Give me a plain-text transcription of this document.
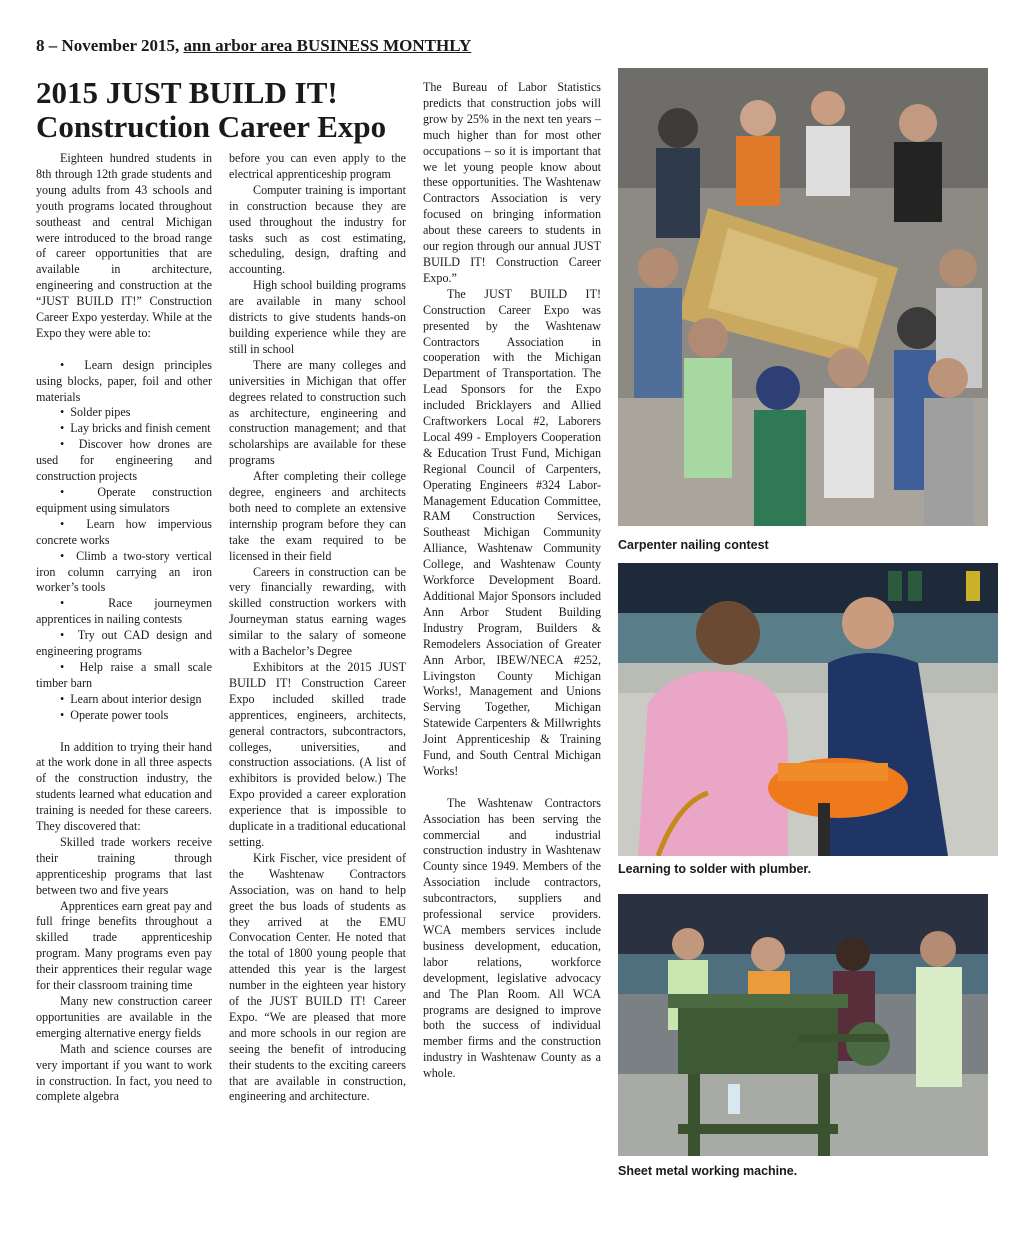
8 – November 2015, ann arbor area BUSINESS MONTHLY
2015 JUST BUILD IT!
Construction Career Expo

Eighteen hundred students in 8th through 12th grade students and young adults from 43 schools and youth programs located throughout southeast and central Michigan were introduced to the broad range of career opportunities that are available in architecture, engineering and construction at the “JUST BUILD IT!” Construction Career Expo yesterday. While at the Expo they were able to:

•  Learn design principles using blocks, paper, foil and other materials
•  Solder pipes
•  Lay bricks and finish cement
•  Discover how drones are used for engineering and construction projects
•  Operate construction equipment using simulators
•  Learn how impervious concrete works
•  Climb a two-story vertical iron column carrying an iron worker’s tools
•  Race journeymen apprentices in nailing contests
•  Try out CAD design and engineering programs
•  Help raise a small scale timber barn
•  Learn about interior design
•  Operate power tools

In addition to trying their hand at the work done in all three aspects of the construction industry, the students learned what education and training is needed for these careers. They discovered that:

Skilled trade workers receive their training through apprenticeship programs that last between two and five years

Apprentices earn great pay and full fringe benefits throughout a skilled trade apprenticeship program. Many programs even pay their apprentices their regular wage for their classroom training time

Many new construction career opportunities are available in the emerging alternative energy fields

Math and science courses are very important if you want to work in construction. In fact, you need to complete algebra

before you can even apply to the electrical apprenticeship program

Computer training is important in construction because they are used throughout the industry for tasks such as cost estimating, scheduling, design, drafting and accounting.

High school building programs are available in many school districts to give students hands-on building experience while they are still in school

There are many colleges and universities in Michigan that offer degrees related to construction such as architecture, engineering and construction management; and that scholarships are available for these programs

After completing their college degree, engineers and architects both need to complete an extensive internship program before they can take the exam required to be licensed in their field

Careers in construction can be very financially rewarding, with skilled construction workers with Journeyman status earning wages similar to the salary of someone with a Bachelor’s Degree

Exhibitors at the 2015 JUST BUILD IT! Construction Career Expo included skilled trade apprentices, engineers, architects, general contractors, subcontractors, colleges, universities, and construction associations. (A list of exhibitors is provided below.) The Expo provided a career exploration experience that is impossible to duplicate in a traditional educational setting.

Kirk Fischer, vice president of the Washtenaw Contractors Association, was on hand to help greet the bus loads of students as they arrived at the EMU Convocation Center. He noted that the total of 1800 young people that attended this year is the largest number in the eighteen year history of the JUST BUILD IT! Career Expo. “We are pleased that more and more schools in our region are seeing the benefit of introducing their students to the exciting careers that are available in construction, engineering and architecture.

The Bureau of Labor Statistics predicts that construction jobs will grow by 25% in the next ten years – much higher than for most other occupations – so it is important that we let young people know about these opportunities. The Washtenaw Contractors Association is very focused on bringing information about these careers to students in our region through our annual JUST BUILD IT! Construction Career Expo.”

The JUST BUILD IT! Construction Career Expo was presented by the Washtenaw Contractors Association in cooperation with the Michigan Department of Transportation. The Lead Sponsors for the Expo included Bricklayers and Allied Craftworkers Local #2, Laborers Local 499 - Employers Cooperation & Education Trust Fund, Michigan Regional Council of Carpenters, Operating Engineers #324 Labor-Management Education Committee, RAM Construction Services, Southeast Michigan Community Alliance, Washtenaw Community College, and Washtenaw County Workforce Development Board. Additional Major Sponsors included Ann Arbor Student Building Industry Program, Builders & Remodelers Association of Greater Ann Arbor, IBEW/NECA #252, Livingston County Michigan Works!, Management and Unions Serving Together, Michigan Statewide Carpenters & Millwrights Joint Apprenticeship & Training Fund, and South Central Michigan Works!

The Washtenaw Contractors Association has been serving the commercial and industrial construction industry in Washtenaw County since 1949. Members of the Association include contractors, subcontractors, suppliers and professional service providers. WCA members services include business development, education, labor relations, workforce development, legislative advocacy and The Plan Room. All WCA programs are designed to improve both the success of individual member firms and the construction industry in Washtenaw County as a whole.

Carpenter nailing contest
Learning to solder with plumber.
Sheet metal working machine.
